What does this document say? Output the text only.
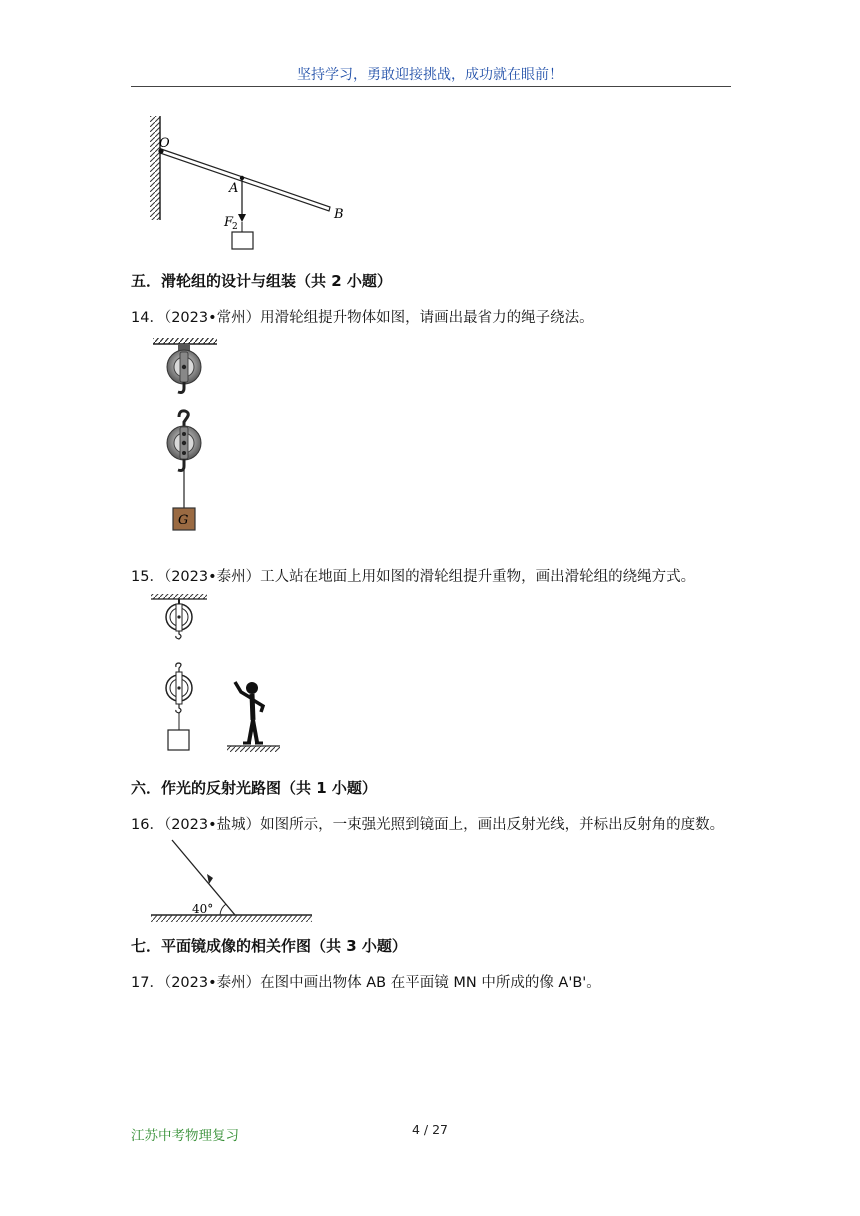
坚持学习，勇敢迎接挑战，成功就在眼前！
O
A
B
F
2
五．滑轮组的设计与组装（共 2 小题）
14．（2023•常州）用滑轮组提升物体如图，请画出最省力的绳子绕法。
G
15．（2023•泰州）工人站在地面上用如图的滑轮组提升重物，画出滑轮组的绕绳方式。
六．作光的反射光路图（共 1 小题）
16．（2023•盐城）如图所示，一束强光照到镜面上，画出反射光线，并标出反射角的度数。
40°
七．平面镜成像的相关作图（共 3 小题）
17．（2023•泰州）在图中画出物体 AB 在平面镜 MN 中所成的像 A'B'。
江苏中考物理复习	4 / 27
